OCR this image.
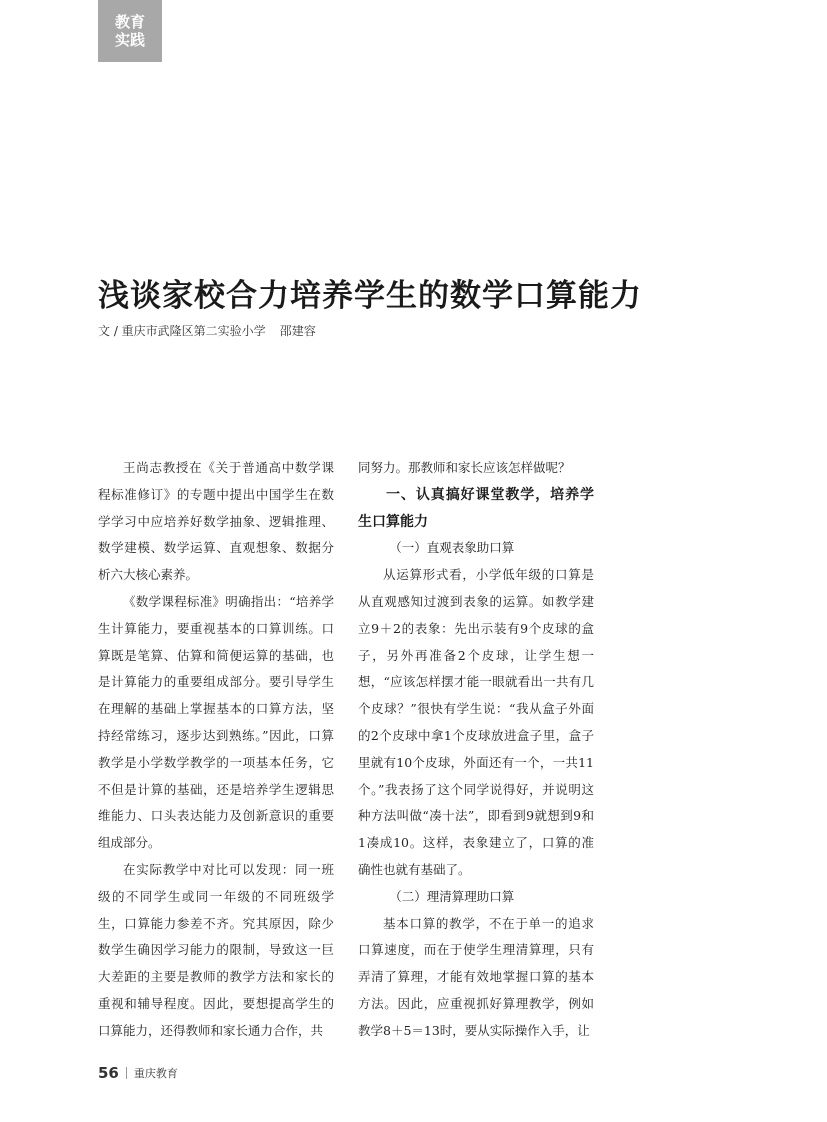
教育
实践
浅谈家校合力培养学生的数学口算能力
文 / 重庆市武隆区第二实验小学 邵建容

王尚志教授在《关于普通高中数学课程标准修订》的专题中提出中国学生在数学学习中应培养好数学抽象、逻辑推理、数学建模、数学运算、直观想象、数据分析六大核心素养。

《数学课程标准》明确指出：“培养学生计算能力，要重视基本的口算训练。口算既是笔算、估算和简便运算的基础，也是计算能力的重要组成部分。要引导学生在理解的基础上掌握基本的口算方法，坚持经常练习，逐步达到熟练。”因此，口算教学是小学数学教学的一项基本任务，它不但是计算的基础，还是培养学生逻辑思维能力、口头表达能力及创新意识的重要组成部分。

在实际教学中对比可以发现：同一班级的不同学生或同一年级的不同班级学生，口算能力参差不齐。究其原因，除少数学生确因学习能力的限制，导致这一巨大差距的主要是教师的教学方法和家长的重视和辅导程度。因此，要想提高学生的口算能力，还得教师和家长通力合作，共

同努力。那教师和家长应该怎样做呢？

一、认真搞好课堂教学，培养学生口算能力
（一）直观表象助口算

从运算形式看，小学低年级的口算是从直观感知过渡到表象的运算。如教学建立9＋2的表象：先出示装有9个皮球的盒子，另外再准备2个皮球，让学生想一想，“应该怎样摆才能一眼就看出一共有几个皮球？”很快有学生说：“我从盒子外面的2个皮球中拿1个皮球放进盒子里，盒子里就有10个皮球，外面还有一个，一共11个。”我表扬了这个同学说得好，并说明这种方法叫做“凑十法”，即看到9就想到9和1凑成10。这样，表象建立了，口算的准确性也就有基础了。

（二）理清算理助口算

基本口算的教学，不在于单一的追求口算速度，而在于使学生理清算理，只有弄清了算理，才能有效地掌握口算的基本方法。因此，应重视抓好算理教学，例如教学8＋5＝13时，要从实际操作入手，让

56 重庆教育
